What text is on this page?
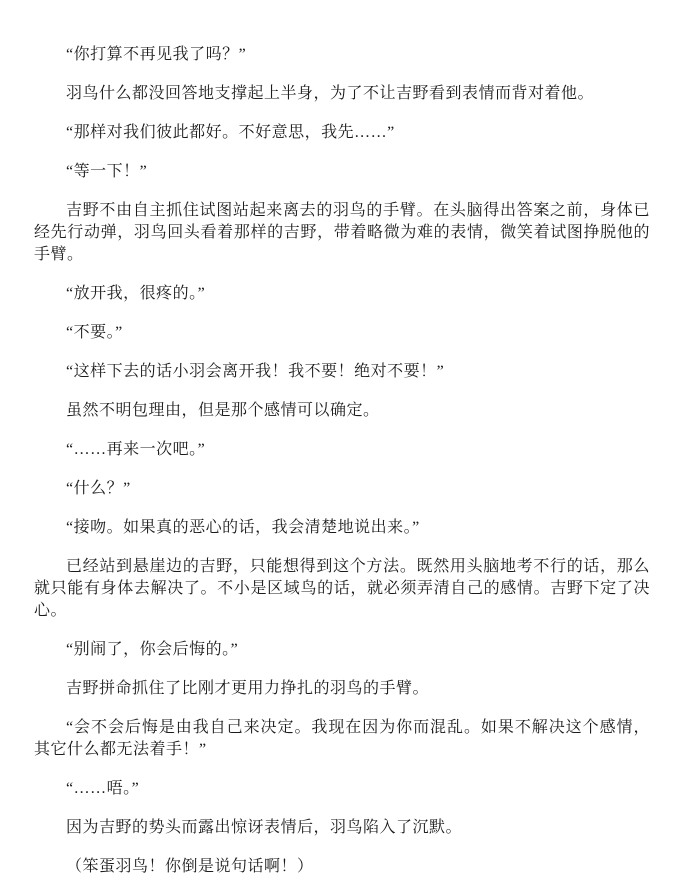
“你打算不再见我了吗？”

羽鸟什么都没回答地支撑起上半身，为了不让吉野看到表情而背对着他。

“那样对我们彼此都好。不好意思，我先……”

“等一下！”

吉野不由自主抓住试图站起来离去的羽鸟的手臂。在头脑得出答案之前，身体已经先行动弹，羽鸟回头看着那样的吉野，带着略微为难的表情，微笑着试图挣脱他的手臂。

“放开我，很疼的。”

“不要。”

“这样下去的话小羽会离开我！我不要！绝对不要！”

虽然不明包理由，但是那个感情可以确定。

“……再来一次吧。”

“什么？”

“接吻。如果真的恶心的话，我会清楚地说出来。”

已经站到悬崖边的吉野，只能想得到这个方法。既然用头脑地考不行的话，那么就只能有身体去解决了。不小是区域鸟的话，就必须弄清自己的感情。吉野下定了决心。

“别闹了，你会后悔的。”

吉野拼命抓住了比刚才更用力挣扎的羽鸟的手臂。

“会不会后悔是由我自己来决定。我现在因为你而混乱。如果不解决这个感情，其它什么都无法着手！”

“……唔。”

因为吉野的势头而露出惊讶表情后，羽鸟陷入了沉默。

（笨蛋羽鸟！你倒是说句话啊！）
